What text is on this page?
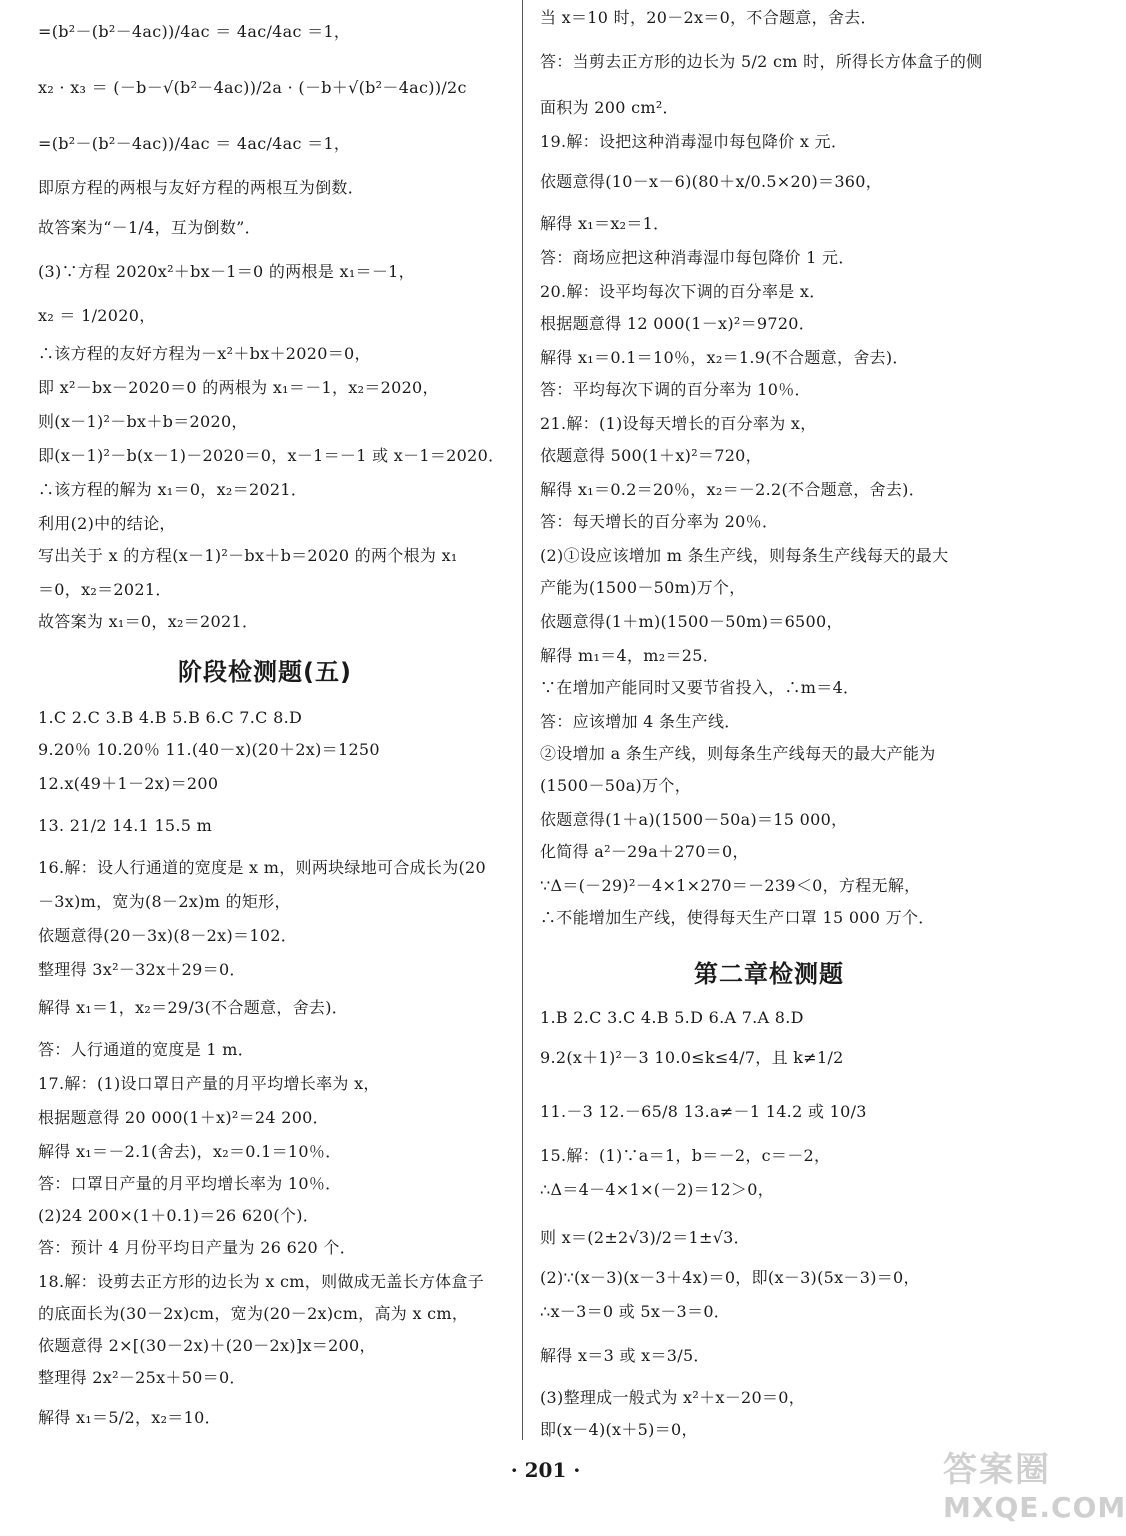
=(b²－(b²－4ac))/4ac ＝ 4ac/4ac ＝1，
x₂ · x₃ ＝ (－b－√(b²－4ac))/2a · (－b＋√(b²－4ac))/2c
=(b²－(b²－4ac))/4ac ＝ 4ac/4ac ＝1，
即原方程的两根与友好方程的两根互为倒数．
故答案为“－1/4，互为倒数”．
(3)∵方程 2020x²＋bx－1＝0 的两根是 x₁＝－1，
x₂ ＝ 1/2020，
∴该方程的友好方程为－x²＋bx＋2020＝0，
即 x²－bx－2020＝0 的两根为 x₁＝－1，x₂＝2020，
则(x－1)²－bx＋b＝2020，
即(x－1)²－b(x－1)－2020＝0，x－1＝－1 或 x－1＝2020．
∴该方程的解为 x₁＝0，x₂＝2021．
利用(2)中的结论，
写出关于 x 的方程(x－1)²－bx＋b＝2020 的两个根为 x₁
＝0，x₂＝2021．
故答案为 x₁＝0，x₂＝2021．
1.C 2.C 3.B 4.B 5.B 6.C 7.C 8.D
9.20％ 10.20％ 11.(40－x)(20＋2x)＝1250
12.x(49＋1－2x)＝200
13. 21/2 14.1 15.5 m
16.解：设人行通道的宽度是 x m，则两块绿地可合成长为(20
－3x)m，宽为(8－2x)m 的矩形，
依题意得(20－3x)(8－2x)＝102．
整理得 3x²－32x＋29＝0．
解得 x₁＝1，x₂＝29/3(不合题意，舍去)．
答：人行通道的宽度是 1 m．
17.解：(1)设口罩日产量的月平均增长率为 x，
根据题意得 20 000(1＋x)²＝24 200．
解得 x₁＝－2.1(舍去)，x₂＝0.1＝10％．
答：口罩日产量的月平均增长率为 10％．
(2)24 200×(1＋0.1)＝26 620(个)．
答：预计 4 月份平均日产量为 26 620 个．
18.解：设剪去正方形的边长为 x cm，则做成无盖长方体盒子
的底面长为(30－2x)cm，宽为(20－2x)cm，高为 x cm，
依题意得 2×[(30－2x)＋(20－2x)]x＝200，
整理得 2x²－25x＋50＝0．
解得 x₁＝5/2，x₂＝10．
当 x＝10 时，20－2x＝0，不合题意，舍去．
答：当剪去正方形的边长为 5/2 cm 时，所得长方体盒子的侧
面积为 200 cm²．
19.解：设把这种消毒湿巾每包降价 x 元．
依题意得(10－x－6)(80＋x/0.5×20)＝360，
解得 x₁＝x₂＝1．
答：商场应把这种消毒湿巾每包降价 1 元．
20.解：设平均每次下调的百分率是 x．
根据题意得 12 000(1－x)²＝9720．
解得 x₁＝0.1＝10％，x₂＝1.9(不合题意，舍去)．
答：平均每次下调的百分率为 10％．
21.解：(1)设每天增长的百分率为 x，
依题意得 500(1＋x)²＝720，
解得 x₁＝0.2＝20％，x₂＝－2.2(不合题意，舍去)．
答：每天增长的百分率为 20％．
(2)①设应该增加 m 条生产线，则每条生产线每天的最大
产能为(1500－50m)万个，
依题意得(1＋m)(1500－50m)＝6500，
解得 m₁＝4，m₂＝25．
∵在增加产能同时又要节省投入，∴m＝4．
答：应该增加 4 条生产线．
②设增加 a 条生产线，则每条生产线每天的最大产能为
(1500－50a)万个，
依题意得(1＋a)(1500－50a)＝15 000，
化简得 a²－29a＋270＝0，
∵Δ＝(－29)²－4×1×270＝－239＜0，方程无解，
∴不能增加生产线，使得每天生产口罩 15 000 万个．
1.B 2.C 3.C 4.B 5.D 6.A 7.A 8.D
9.2(x＋1)²－3 10.0≤k≤4/7，且 k≠1/2
11.－3 12.－65/8 13.a≠－1 14.2 或 10/3
15.解：(1)∵a＝1，b＝－2，c＝－2，
∴Δ＝4－4×1×(－2)＝12＞0，
则 x＝(2±2√3)/2＝1±√3．
(2)∵(x－3)(x－3＋4x)＝0，即(x－3)(5x－3)＝0，
∴x－3＝0 或 5x－3＝0．
解得 x＝3 或 x＝3/5．
(3)整理成一般式为 x²＋x－20＝0，
即(x－4)(x＋5)＝0，
阶段检测题(五)
第二章检测题
· 201 ·	答案圈
MXQE.COM
